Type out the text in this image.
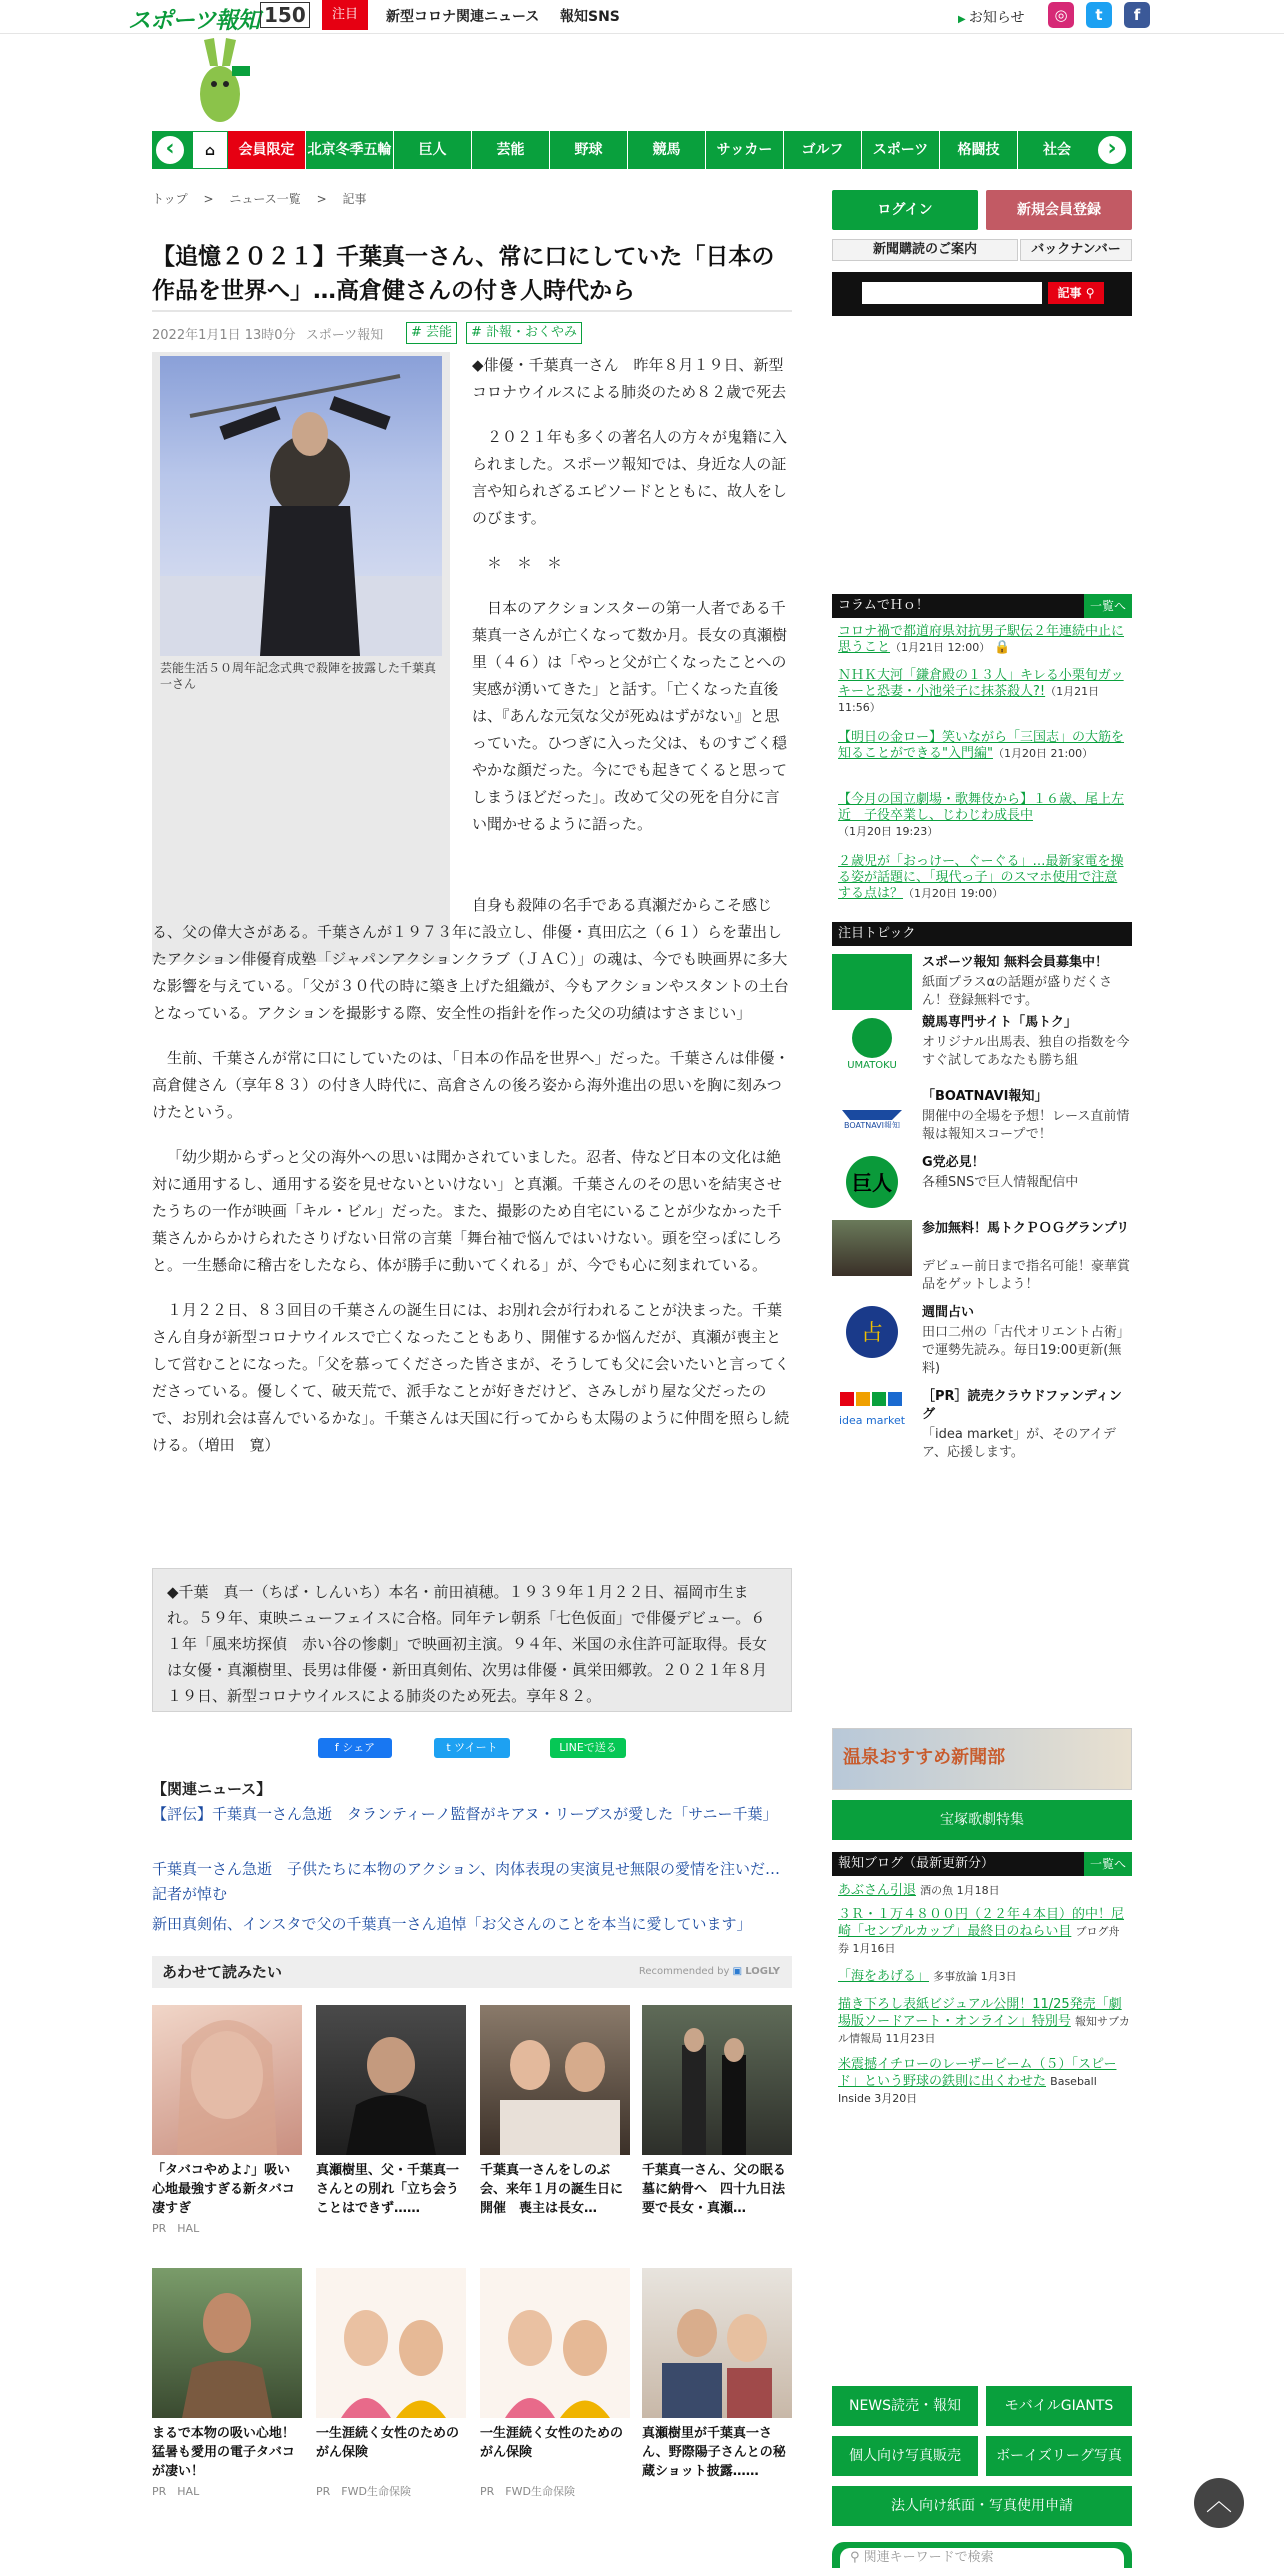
スポーツ報知 150	注目	新型コロナ関連ニュース 報知SNS	▶ お知らせ	◎	t	f
⌂	会員限定 北京冬季五輪	巨人	芸能	野球	競馬	サッカー	ゴルフ	スポーツ	格闘技	社会
‹	›
トップ 　>　 ニュース一覧 　>　 記事
【追憶２０２１】千葉真一さん、常に口にしていた「日本の作品を世界へ」…高倉健さんの付き人時代から
2022年1月1日 13時0分 スポーツ報知	# 芸能	# 訃報・おくやみ
芸能生活５０周年記念式典で殺陣を披露した千葉真一さん

◆俳優・千葉真一さん　昨年８月１９日、新型コロナウイルスによる肺炎のため８２歳で死去

２０２１年も多くの著名人の方々が鬼籍に入られました。スポーツ報知では、身近な人の証言や知られざるエピソードとともに、故人をしのびます。

＊　＊　＊

日本のアクションスターの第一人者である千葉真一さんが亡くなって数か月。長女の真瀬樹里（４６）は「やっと父が亡くなったことへの実感が湧いてきた」と話す。「亡くなった直後は、『あんな元気な父が死ぬはずがない』と思っていた。ひつぎに入った父は、ものすごく穏やかな顔だった。今にでも起きてくると思ってしまうほどだった」。改めて父の死を自分に言い聞かせるように語った。

自身も殺陣の名手である真瀬だからこそ感じる、父の偉大さがある。千葉さんが１９７３年に設立し、俳優・真田広之（６１）らを輩出したアクション俳優育成塾「ジャパンアクションクラブ（ＪＡＣ）」の魂は、今でも映画界に多大な影響を与えている。「父が３０代の時に築き上げた組織が、今もアクションやスタントの土台となっている。アクションを撮影する際、安全性の指針を作った父の功績はすさまじい」

生前、千葉さんが常に口にしていたのは、「日本の作品を世界へ」だった。千葉さんは俳優・高倉健さん（享年８３）の付き人時代に、高倉さんの後ろ姿から海外進出の思いを胸に刻みつけたという。

「幼少期からずっと父の海外への思いは聞かされていました。忍者、侍など日本の文化は絶対に通用するし、通用する姿を見せないといけない」と真瀬。千葉さんのその思いを結実させたうちの一作が映画「キル・ビル」だった。また、撮影のため自宅にいることが少なかった千葉さんからかけられたさりげない日常の言葉「舞台袖で悩んではいけない。頭を空っぽにしろと。一生懸命に稽古をしたなら、体が勝手に動いてくれる」が、今でも心に刻まれている。

１月２２日、８３回目の千葉さんの誕生日には、お別れ会が行われることが決まった。千葉さん自身が新型コロナウイルスで亡くなったこともあり、開催するか悩んだが、真瀬が喪主として営むことになった。「父を慕ってくださった皆さまが、そうしても父に会いたいと言ってくださっている。優しくて、破天荒で、派手なことが好きだけど、さみしがり屋な父だったので、お別れ会は喜んでいるかな」。千葉さんは天国に行ってからも太陽のように仲間を照らし続ける。（増田　寛）

◆千葉　真一（ちば・しんいち）本名・前田禎穂。１９３９年１月２２日、福岡市生まれ。５９年、東映ニューフェイスに合格。同年テレ朝系「七色仮面」で俳優デビュー。６１年「風来坊探偵　赤い谷の惨劇」で映画初主演。９４年、米国の永住許可証取得。長女は女優・真瀬樹里、長男は俳優・新田真剣佑、次男は俳優・眞栄田郷敦。２０２１年８月１９日、新型コロナウイルスによる肺炎のため死去。享年８２。
f シェア	t ツイート	LINEで送る
【関連ニュース】
【評伝】千葉真一さん急逝　タランティーノ監督がキアヌ・リーブスが愛した「サニー千葉」
千葉真一さん急逝　子供たちに本物のアクション、肉体表現の実演見せ無限の愛情を注いだ…記者が悼む
新田真剣佑、インスタで父の千葉真一さん追悼「お父さんのことを本当に愛しています」
あわせて読みたい	Recommended by ▣ LOGLY
「タバコやめよ♪」吸い心地最強すぎる新タバコ凄すぎ
PR　HAL
真瀬樹里、父・千葉真一さんとの別れ「立ち会うことはできず……
千葉真一さんをしのぶ会、来年１月の誕生日に開催　喪主は長女…
千葉真一さん、父の眠る墓に納骨へ　四十九日法要で長女・真瀬…
まるで本物の吸い心地！猛暑も愛用の電子タバコが凄い！
PR　HAL
一生涯続く女性のためのがん保険
PR　FWD生命保険
一生涯続く女性のためのがん保険
PR　FWD生命保険
真瀬樹里が千葉真一さん、野際陽子さんとの秘蔵ショット披露……
ログイン	新規会員登録
新聞購読のご案内	バックナンバー
記事 ⚲
コラムでＨｏ！	一覧へ
コロナ禍で都道府県対抗男子駅伝２年連続中止に思うこと（1月21日 12:00） 🔒
ＮＨＫ大河「鎌倉殿の１３人」キレる小栗旬ガッキーと恐妻・小池栄子に抹茶殺人?!（1月21日 11:56）
【明日の金ロー】笑いながら「三国志」の大筋を知ることができる"入門編"（1月20日 21:00）
【今月の国立劇場・歌舞伎から】１６歳、尾上左近　子役卒業し、じわじわ成長中（1月20日 19:23）
２歳児が「おっけー、ぐーぐる」…最新家電を操る姿が話題に、「現代っ子」のスマホ使用で注意する点は？（1月20日 19:00）
注目トピック
スポーツ報知 無料会員募集中！
紙面プラスαの話題が盛りだくさん！登録無料です。
UMATOKU
競馬専門サイト「馬トク」
オリジナル出馬表、独自の指数を今すぐ試してあなたも勝ち組
BOATNAVI報知
「BOATNAVI報知」
開催中の全場を予想！レース直前情報は報知スコープで！
巨人
G党必見！
各種SNSで巨人情報配信中
参加無料！馬トクＰＯＧグランプリ
デビュー前日まで指名可能！豪華賞品をゲットしよう！
占
週間占い
田口二州の「古代オリエント占術」で運勢先読み。毎日19:00更新(無料)
idea market
［PR］読売クラウドファンディング
「idea market」が、そのアイデア、応援します。
温泉おすすめ新聞部
宝塚歌劇特集
報知ブログ（最新更新分）	一覧へ
あぶさん引退 酒の魚 1月18日
３Ｒ・１万４８００円（２２年４本目）的中！尼崎「センプルカップ」最終日のねらい目 ブログ舟券 1月16日
「海をあげる」 多事放論 1月3日
描き下ろし表紙ビジュアル公開！11/25発売「劇場版ソードアート・オンライン」特別号 報知サブカル情報局 11月23日
米震撼イチローのレーザービーム（５）「スピード」という野球の鉄則に出くわせた Baseball Inside 3月20日
NEWS読売・報知	モバイルGIANTS
個人向け写真販売	ボーイズリーグ写真
法人向け紙面・写真使用申請
⚲ 関連キーワードで検索
︿
